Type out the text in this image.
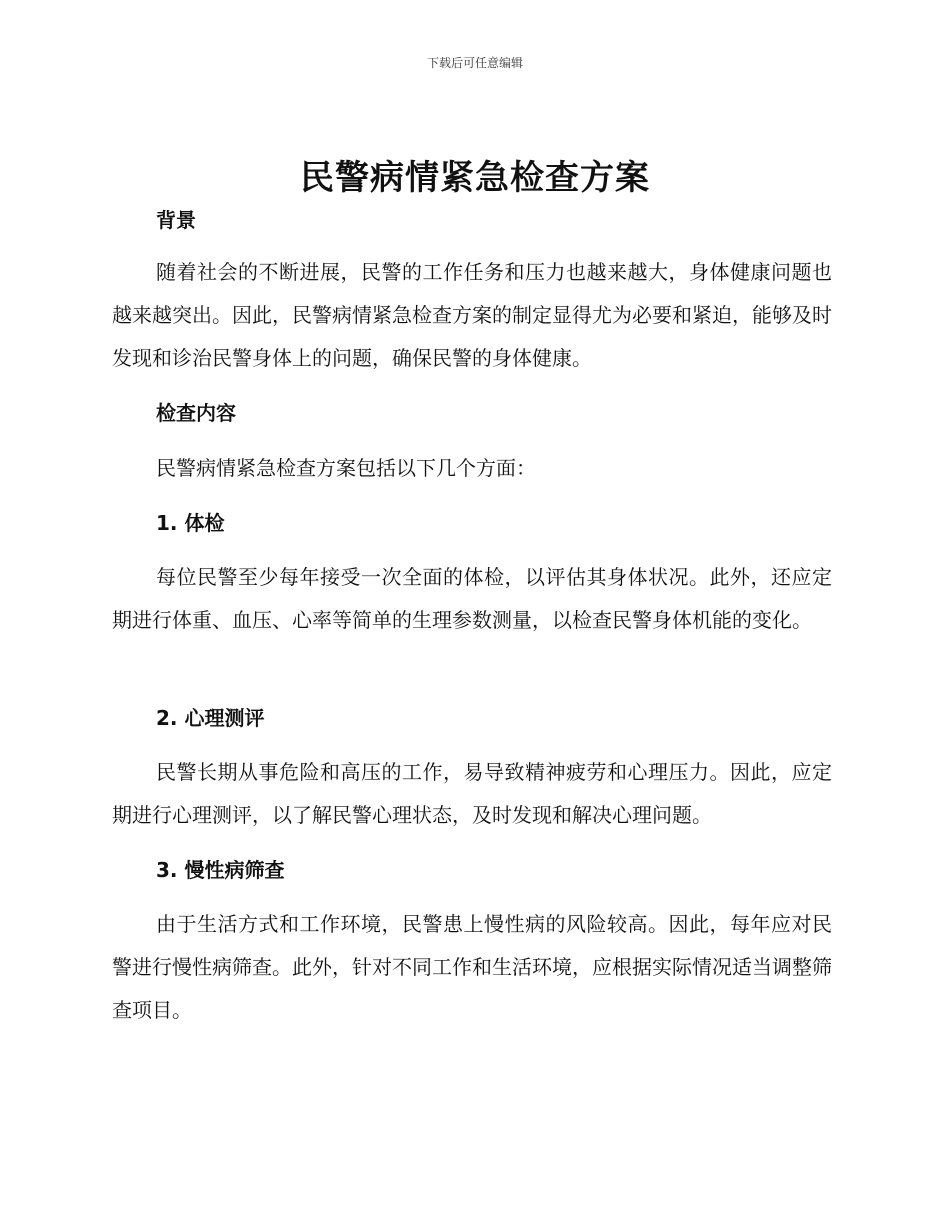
下载后可任意编辑
民警病情紧急检查方案

背景

随着社会的不断进展，民警的工作任务和压力也越来越大，身体健康问题也越来越突出。因此，民警病情紧急检查方案的制定显得尤为必要和紧迫，能够及时发现和诊治民警身体上的问题，确保民警的身体健康。

检查内容

民警病情紧急检查方案包括以下几个方面：

1. 体检

每位民警至少每年接受一次全面的体检，以评估其身体状况。此外，还应定期进行体重、血压、心率等简单的生理参数测量，以检查民警身体机能的变化。

2. 心理测评

民警长期从事危险和高压的工作，易导致精神疲劳和心理压力。因此，应定期进行心理测评，以了解民警心理状态，及时发现和解决心理问题。

3. 慢性病筛查

由于生活方式和工作环境，民警患上慢性病的风险较高。因此，每年应对民警进行慢性病筛查。此外，针对不同工作和生活环境，应根据实际情况适当调整筛查项目。
